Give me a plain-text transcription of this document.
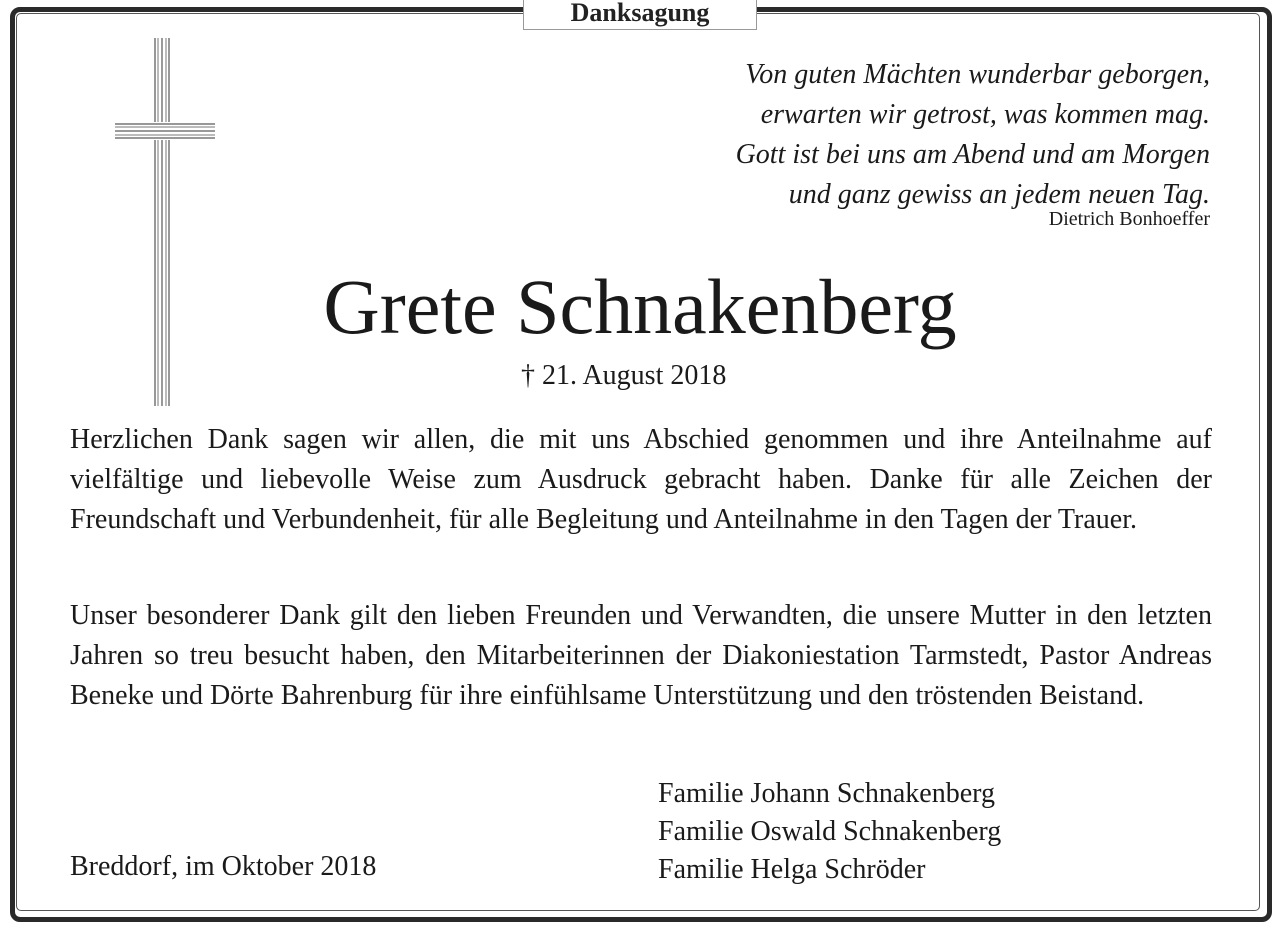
Danksagung
Von guten Mächten wunderbar geborgen,
erwarten wir getrost, was kommen mag.
Gott ist bei uns am Abend und am Morgen
und ganz gewiss an jedem neuen Tag.
Dietrich Bonhoeffer
Grete Schnakenberg
† 21. August 2018
Herzlichen Dank sagen wir allen, die mit uns Abschied genommen und ihre Anteilnahme auf vielfältige und liebevolle Weise zum Ausdruck gebracht haben. Danke für alle Zeichen der Freundschaft und Verbundenheit, für alle Begleitung und Anteilnahme in den Tagen der Trauer.
Unser besonderer Dank gilt den lieben Freunden und Verwandten, die unsere Mutter in den letzten Jahren so treu besucht haben, den Mitarbeiterinnen der Diakoniestation Tarmstedt, Pastor Andreas Beneke und Dörte Bahrenburg für ihre einfühlsame Unterstützung und den tröstenden Beistand.
Breddorf, im Oktober 2018
Familie Johann Schnakenberg
Familie Oswald Schnakenberg
Familie Helga Schröder
